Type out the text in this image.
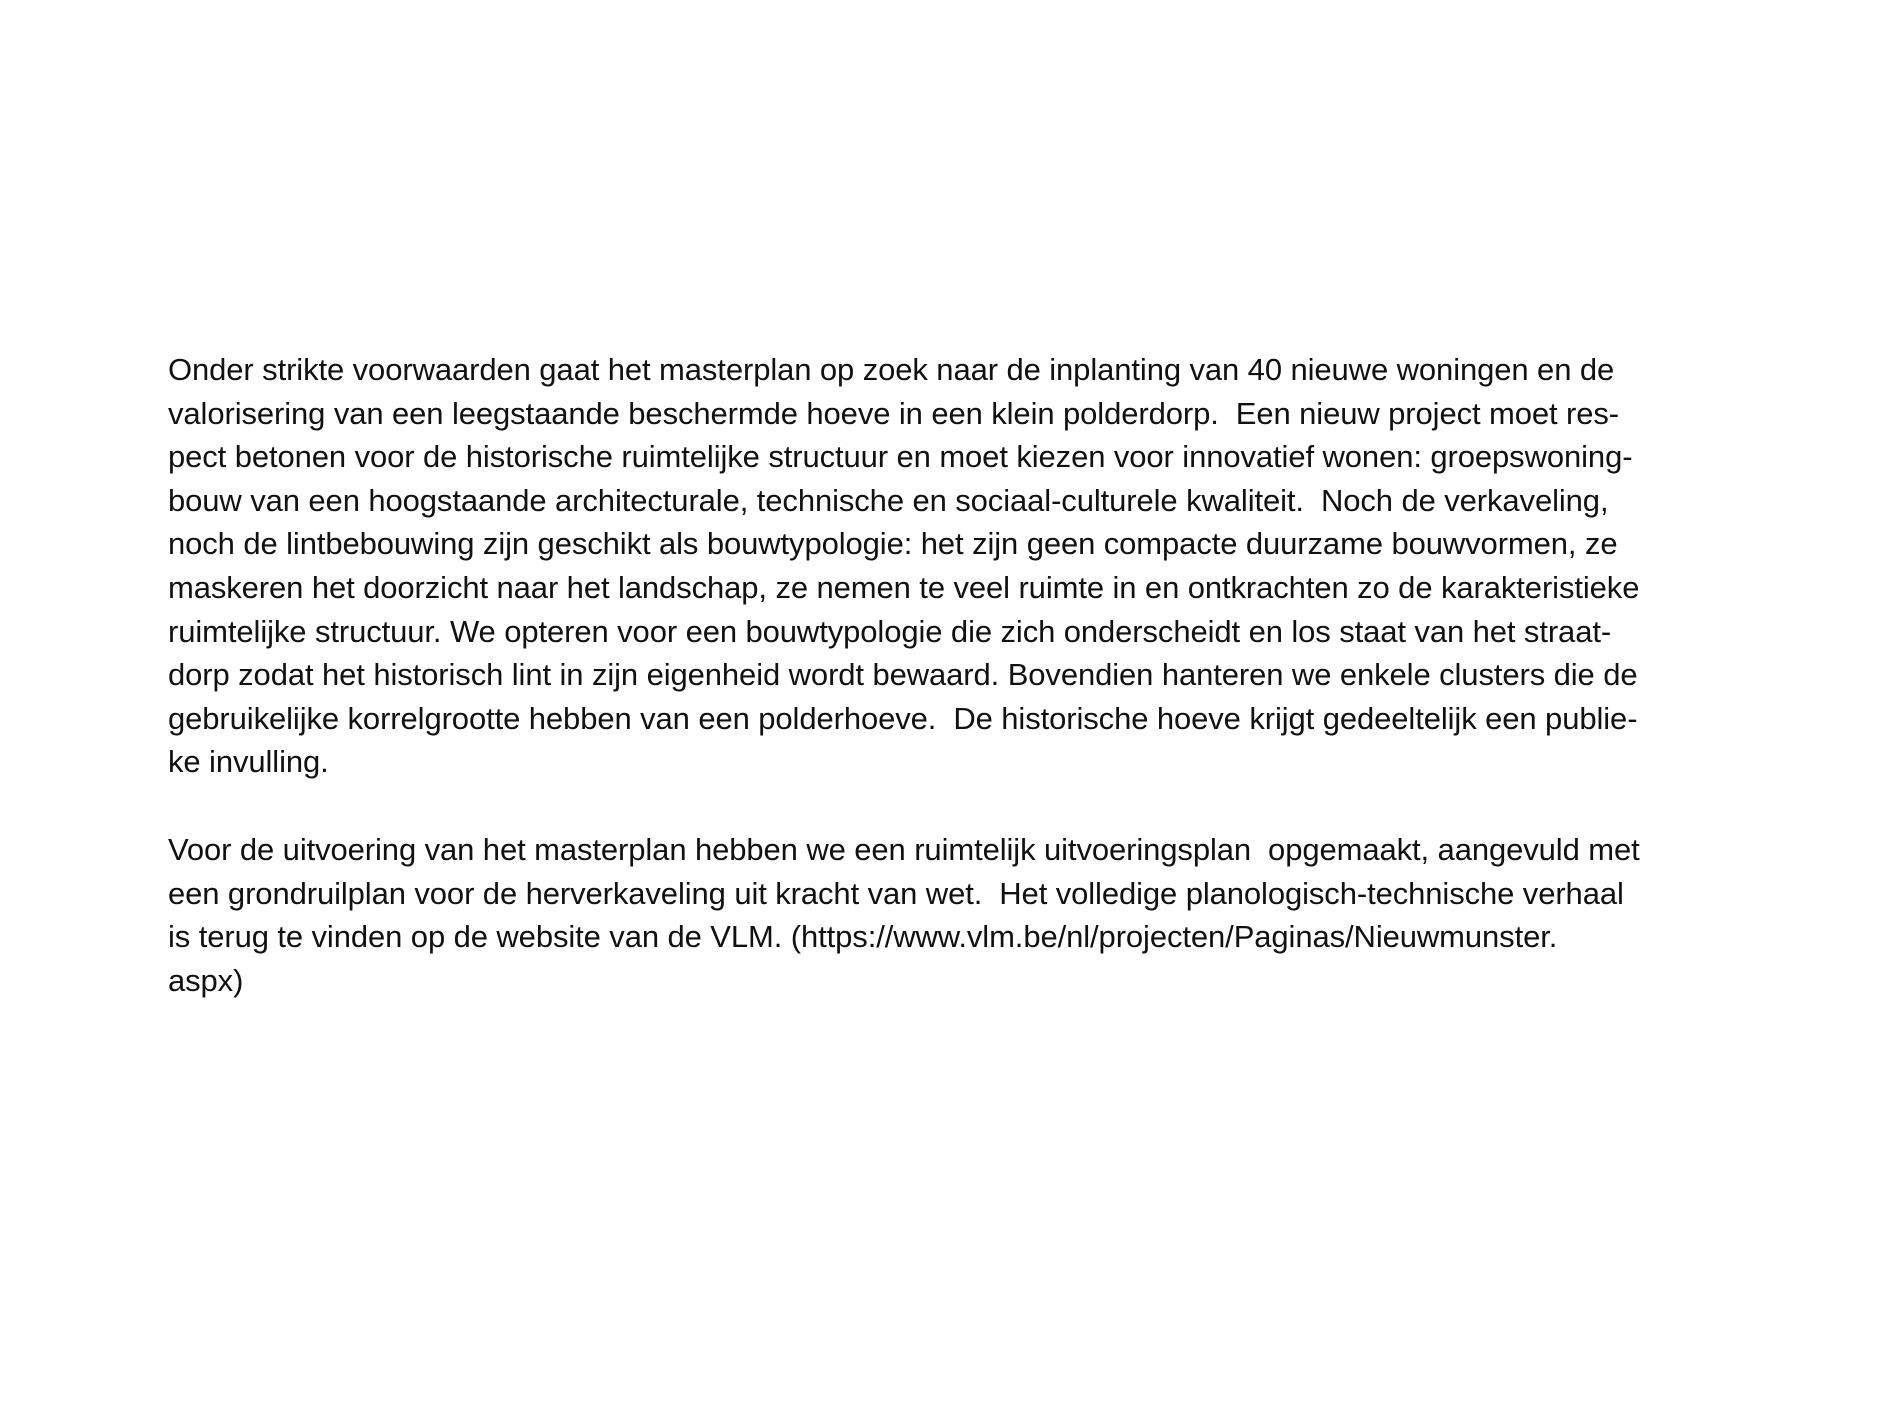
Onder strikte voorwaarden gaat het masterplan op zoek naar de inplanting van 40 nieuwe woningen en de
valorisering van een leegstaande beschermde hoeve in een klein polderdorp.  Een nieuw project moet res-
pect betonen voor de historische ruimtelijke structuur en moet kiezen voor innovatief wonen: groepswoning-
bouw van een hoogstaande architecturale, technische en sociaal-culturele kwaliteit.  Noch de verkaveling,
noch de lintbebouwing zijn geschikt als bouwtypologie: het zijn geen compacte duurzame bouwvormen, ze
maskeren het doorzicht naar het landschap, ze nemen te veel ruimte in en ontkrachten zo de karakteristieke
ruimtelijke structuur. We opteren voor een bouwtypologie die zich onderscheidt en los staat van het straat-
dorp zodat het historisch lint in zijn eigenheid wordt bewaard. Bovendien hanteren we enkele clusters die de
gebruikelijke korrelgrootte hebben van een polderhoeve.  De historische hoeve krijgt gedeeltelijk een publie-
ke invulling.

Voor de uitvoering van het masterplan hebben we een ruimtelijk uitvoeringsplan  opgemaakt, aangevuld met
een grondruilplan voor de herverkaveling uit kracht van wet.  Het volledige planologisch-technische verhaal
is terug te vinden op de website van de VLM. (https://www.vlm.be/nl/projecten/Paginas/Nieuwmunster.
aspx)
